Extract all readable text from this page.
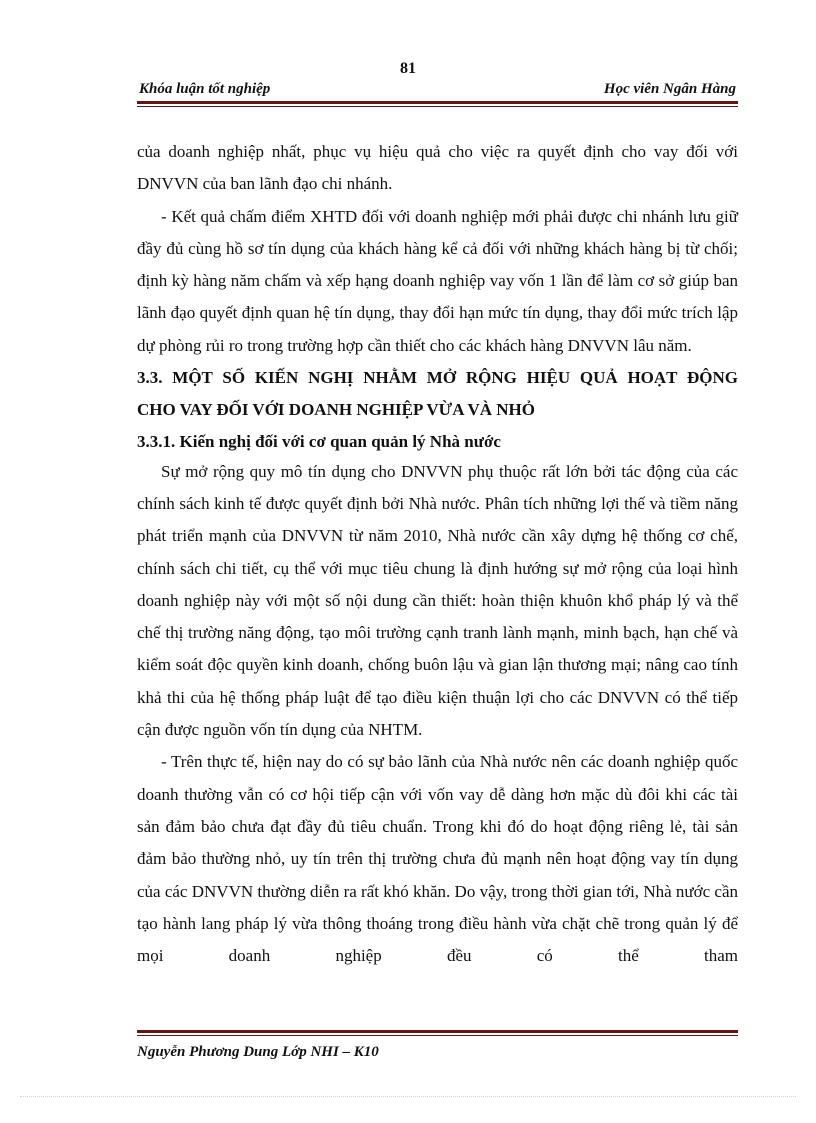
81
Khóa luận tốt nghiệp	Học viên Ngân Hàng

của doanh nghiệp nhất, phục vụ hiệu quả cho việc ra quyết định cho vay đối với DNVVN của ban lãnh đạo chi nhánh.

- Kết quả chấm điểm XHTD đối với doanh nghiệp mới phải được chi nhánh lưu giữ đầy đủ cùng hồ sơ tín dụng của khách hàng kể cả đối với những khách hàng bị từ chối; định kỳ hàng năm chấm và xếp hạng doanh nghiệp vay vốn 1 lần để làm cơ sở giúp ban lãnh đạo quyết định quan hệ tín dụng, thay đổi hạn mức tín dụng, thay đổi mức trích lập dự phòng rủi ro trong trường hợp cần thiết cho các khách hàng DNVVN lâu năm.

3.3. MỘT SỐ KIẾN NGHỊ NHẰM MỞ RỘNG HIỆU QUẢ HOẠT ĐỘNG
CHO VAY ĐỐI VỚI DOANH NGHIỆP VỪA VÀ NHỎ
3.3.1. Kiến nghị đối với cơ quan quản lý Nhà nước

Sự mở rộng quy mô tín dụng cho DNVVN phụ thuộc rất lớn bởi tác động của các chính sách kinh tế được quyết định bởi Nhà nước. Phân tích những lợi thế và tiềm năng phát triển mạnh của DNVVN từ năm 2010, Nhà nước cần xây dựng hệ thống cơ chế, chính sách chi tiết, cụ thể với mục tiêu chung là định hướng sự mở rộng của loại hình doanh nghiệp này với một số nội dung cần thiết: hoàn thiện khuôn khổ pháp lý và thể chế thị trường năng động, tạo môi trường cạnh tranh lành mạnh, minh bạch, hạn chế và kiểm soát độc quyền kinh doanh, chống buôn lậu và gian lận thương mại; nâng cao tính khả thi của hệ thống pháp luật để tạo điều kiện thuận lợi cho các DNVVN có thể tiếp cận được nguồn vốn tín dụng của NHTM.

- Trên thực tế, hiện nay do có sự bảo lãnh của Nhà nước nên các doanh nghiệp quốc doanh thường vẫn có cơ hội tiếp cận với vốn vay dễ dàng hơn mặc dù đôi khi các tài sản đảm bảo chưa đạt đầy đủ tiêu chuẩn. Trong khi đó do hoạt động riêng lẻ, tài sản đảm bảo thường nhỏ, uy tín trên thị trường chưa đủ mạnh nên hoạt động vay tín dụng của các DNVVN thường diễn ra rất khó khăn. Do vậy, trong thời gian tới, Nhà nước cần tạo hành lang pháp lý vừa thông thoáng trong điều hành vừa chặt chẽ trong quản lý để mọi doanh nghiệp đều có thể tham

Nguyễn Phương Dung Lớp NHI – K10
